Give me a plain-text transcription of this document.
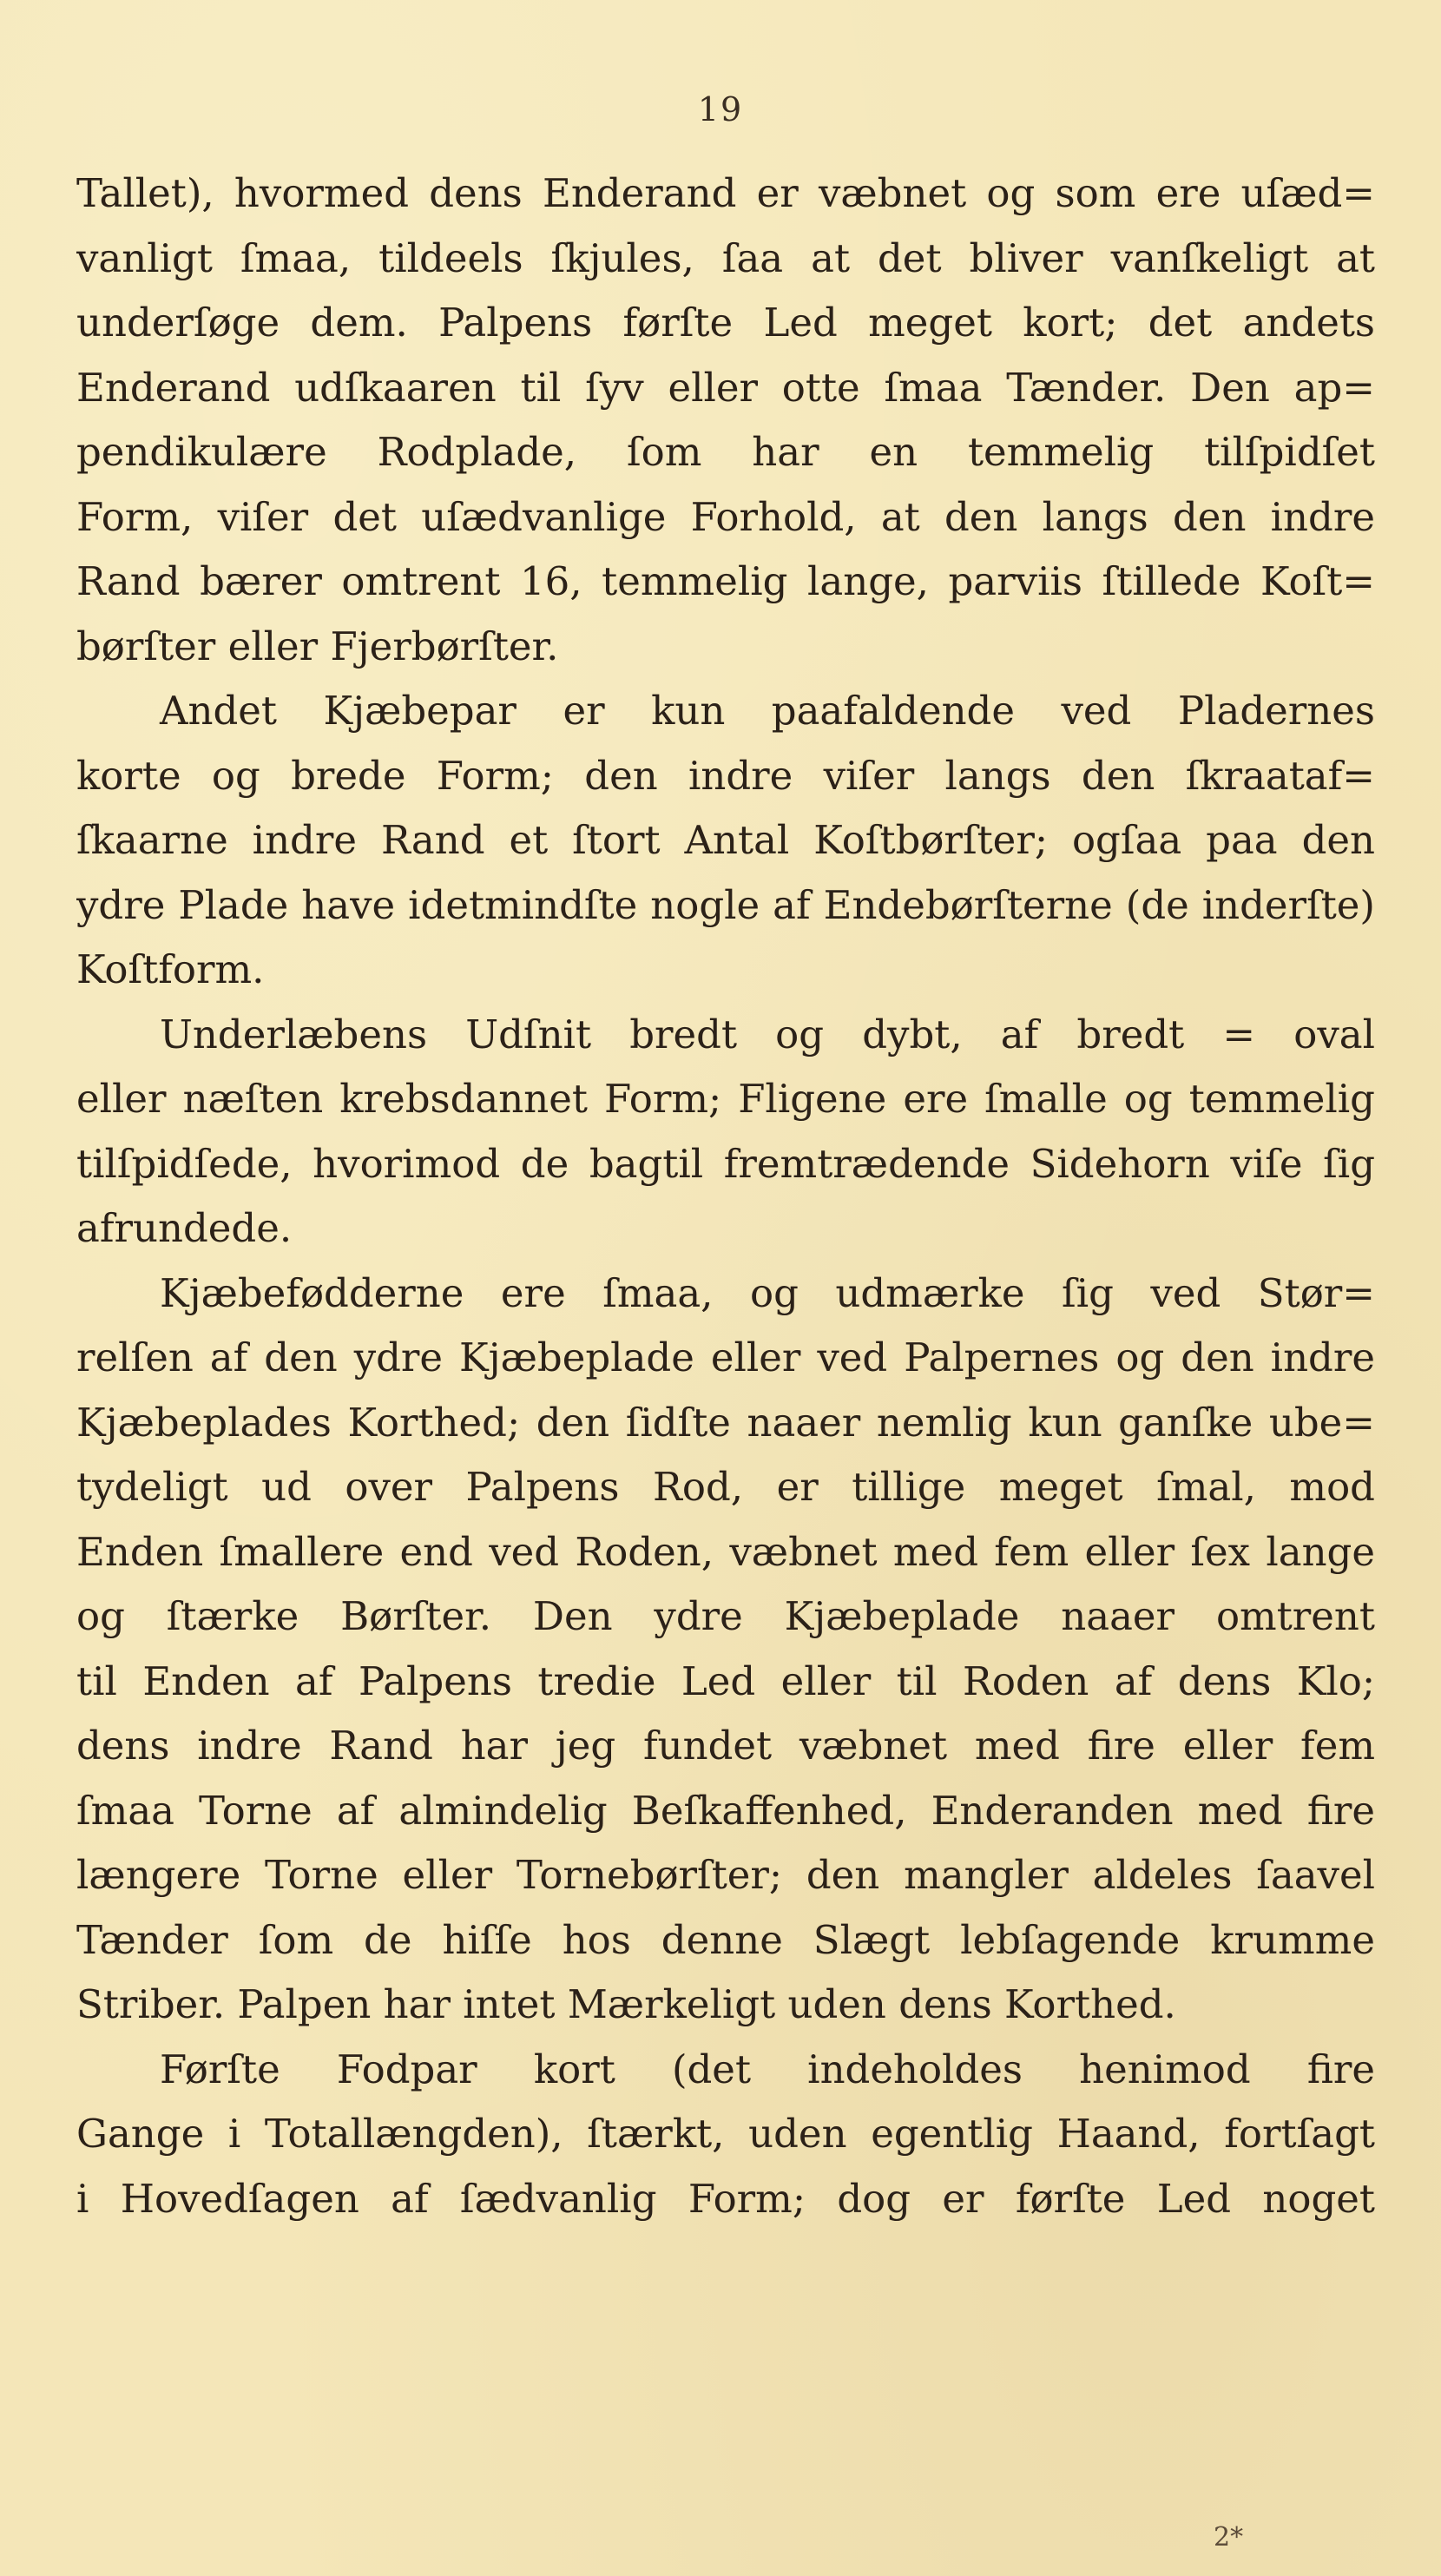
19
Tallet), hvormed dens Enderand er væbnet og som ere uſæd=
vanligt ſmaa, tildeels ſkjules, ſaa at det bliver vanſkeligt at
underſøge dem. Palpens førſte Led meget kort; det andets
Enderand udſkaaren til ſyv eller otte ſmaa Tænder. Den ap=
pendikulære Rodplade, ſom har en temmelig tilſpidſet
Form, viſer det uſædvanlige Forhold, at den langs den indre
Rand bærer omtrent 16, temmelig lange, parviis ſtillede Koſt=
børſter eller Fjerbørſter.
Andet Kjæbepar er kun paafaldende ved Pladernes
korte og brede Form; den indre viſer langs den ſkraataf=
ſkaarne indre Rand et ſtort Antal Koſtbørſter; ogſaa paa den
ydre Plade have idetmindſte nogle af Endebørſterne (de inderſte)
Koſtform.
Underlæbens Udſnit bredt og dybt, af bredt = oval
eller næſten krebsdannet Form; Fligene ere ſmalle og temmelig
tilſpidſede, hvorimod de bagtil fremtrædende Sidehorn viſe ſig
afrundede.
Kjæbefødderne ere ſmaa, og udmærke ſig ved Stør=
relſen af den ydre Kjæbeplade eller ved Palpernes og den indre
Kjæbeplades Korthed; den ſidſte naaer nemlig kun ganſke ube=
tydeligt ud over Palpens Rod, er tillige meget ſmal, mod
Enden ſmallere end ved Roden, væbnet med fem eller ſex lange
og ſtærke Børſter. Den ydre Kjæbeplade naaer omtrent
til Enden af Palpens tredie Led eller til Roden af dens Klo;
dens indre Rand har jeg fundet væbnet med fire eller fem
ſmaa Torne af almindelig Beſkaffenhed, Enderanden med fire
længere Torne eller Tornebørſter; den mangler aldeles ſaavel
Tænder ſom de hiſſe hos denne Slægt lebſagende krumme
Striber. Palpen har intet Mærkeligt uden dens Korthed.
Førſte Fodpar kort (det indeholdes henimod fire
Gange i Totallængden), ſtærkt, uden egentlig Haand, fortſagt
i Hovedſagen af ſædvanlig Form; dog er førſte Led noget
2*
